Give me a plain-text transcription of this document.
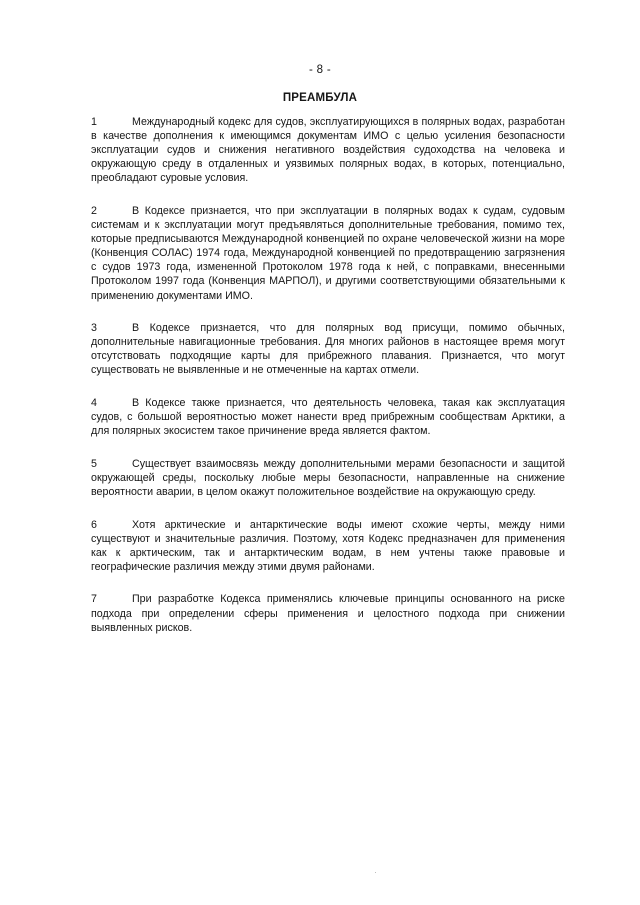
- 8 -
ПРЕАМБУЛА

1	Международный кодекс для судов, эксплуатирующихся в полярных водах, разработан в качестве дополнения к имеющимся документам ИМО с целью усиления безопасности эксплуатации судов и снижения негативного воздействия судоходства на человека и окружающую среду в отдаленных и уязвимых полярных водах, в которых, потенциально, преобладают суровые условия.

2	В Кодексе признается, что при эксплуатации в полярных водах к судам, судовым системам и к эксплуатации могут предъявляться дополнительные требования, помимо тех, которые предписываются Международной конвенцией по охране человеческой жизни на море (Конвенция СОЛАС) 1974 года, Международной конвенцией по предотвращению загрязнения с судов 1973 года, измененной Протоколом 1978 года к ней, с поправками, внесенными Протоколом 1997 года (Конвенция МАРПОЛ), и другими соответствующими обязательными к применению документами ИМО.

3	В Кодексе признается, что для полярных вод присущи, помимо обычных, дополнительные навигационные требования. Для многих районов в настоящее время могут отсутствовать подходящие карты для прибрежного плавания. Признается, что могут существовать не выявленные и не отмеченные на картах отмели.

4	В Кодексе также признается, что деятельность человека, такая как эксплуатация судов, с большой вероятностью может нанести вред прибрежным сообществам Арктики, а для полярных экосистем такое причинение вреда является фактом.

5	Существует взаимосвязь между дополнительными мерами безопасности и защитой окружающей среды, поскольку любые меры безопасности, направленные на снижение вероятности аварии, в целом окажут положительное воздействие на окружающую среду.

6	Хотя арктические и антарктические воды имеют схожие черты, между ними существуют и значительные различия. Поэтому, хотя Кодекс предназначен для применения как к арктическим, так и антарктическим водам, в нем учтены также правовые и географические различия между этими двумя районами.

7	При разработке Кодекса применялись ключевые принципы основанного на риске подхода при определении сферы применения и целостного подхода при снижении выявленных рисков.
